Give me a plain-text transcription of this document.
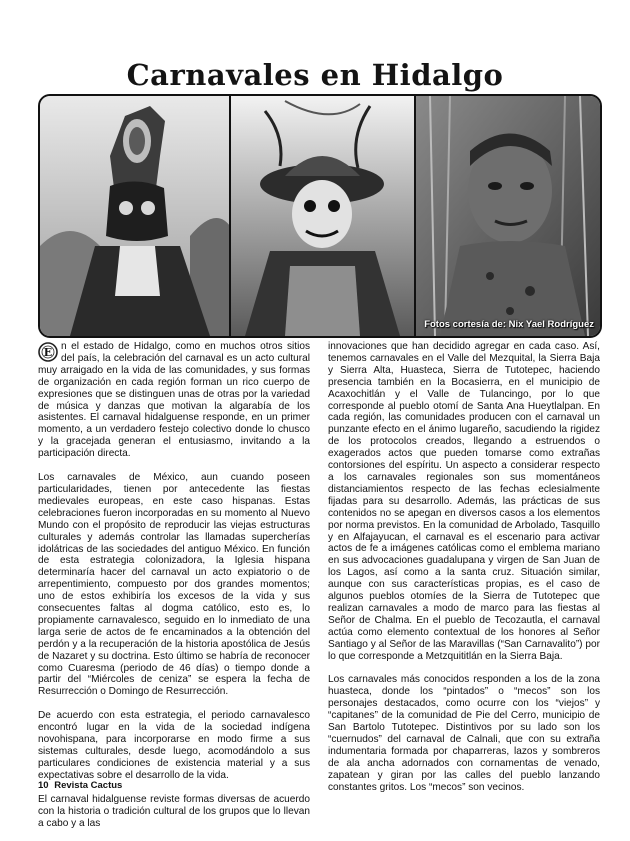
Carnavales en Hidalgo
Fotos cortesía de: Nix Yael Rodríguez

E n el estado de Hidalgo, como en muchos otros sitios del país, la celebración del carnaval es un acto cultural muy arraigado en la vida de las comunidades, y sus formas de organización en cada región forman un rico cuerpo de expresiones que se distinguen unas de otras por la variedad de música y danzas que motivan la algarabía de los asistentes. El carnaval hidalguense responde, en un primer momento, a un verdadero festejo colectivo donde lo chusco y la gracejada generan el entusiasmo, invitando a la participación directa.

Los carnavales de México, aun cuando poseen particularidades, tienen por antecedente las fiestas medievales europeas, en este caso hispanas. Estas celebraciones fueron incorporadas en su momento al Nuevo Mundo con el propósito de reproducir las viejas estructuras culturales y además controlar las llamadas supercherías idolátricas de las sociedades del antiguo México. En función de esta estrategia colonizadora, la Iglesia hispana determinaría hacer del carnaval un acto expiatorio o de arrepentimiento, compuesto por dos grandes momentos; uno de estos exhibiría los excesos de la vida y sus consecuentes faltas al dogma católico, esto es, lo propiamente carnavalesco, seguido en lo inmediato de una larga serie de actos de fe encaminados a la obtención del perdón y a la recuperación de la historia apostólica de Jesús de Nazaret y su doctrina. Esto último se habría de reconocer como Cuaresma (periodo de 46 días) o tiempo donde a partir del “Miércoles de ceniza” se espera la fecha de Resurrección o Domingo de Resurrección.

De acuerdo con esta estrategia, el periodo carnavalesco encontró lugar en la vida de la sociedad indígena novohispana, para incorporarse en modo firme a sus sistemas culturales, desde luego, acomodándolo a sus particulares condiciones de existencia material y a sus expectativas sobre el desarrollo de la vida.

El carnaval hidalguense reviste formas diversas de acuerdo con la historia o tradición cultural de los grupos que lo llevan a cabo y a las

innovaciones que han decidido agregar en cada caso. Así, tenemos carnavales en el Valle del Mezquital, la Sierra Baja y Sierra Alta, Huasteca, Sierra de Tutotepec, haciendo presencia también en la Bocasierra, en el municipio de Acaxochitlán y el Valle de Tulancingo, por lo que corresponde al pueblo otomí de Santa Ana Hueytlalpan. En cada región, las comunidades producen con el carnaval un punzante efecto en el ánimo lugareño, sacudiendo la rigidez de los protocolos creados, llegando a estruendos o exagerados actos que pueden tomarse como extrañas contorsiones del espíritu. Un aspecto a considerar respecto a los carnavales regionales son sus momentáneos distanciamientos respecto de las fechas eclesialmente fijadas para su desarrollo. Además, las prácticas de sus contenidos no se apegan en diversos casos a los elementos por norma previstos. En la comunidad de Arbolado, Tasquillo y en Alfajayucan, el carnaval es el escenario para activar actos de fe a imágenes católicas como el emblema mariano en sus advocaciones guadalupana y virgen de San Juan de los Lagos, así como a la santa cruz. Situación similar, aunque con sus características propias, es el caso de algunos pueblos otomíes de la Sierra de Tutotepec que realizan carnavales a modo de marco para las fiestas al Señor de Chalma. En el pueblo de Tecozautla, el carnaval actúa como elemento contextual de los honores al Señor Santiago y al Señor de las Maravillas (“San Carnavalito”) por lo que corresponde a Metzquititlán en la Sierra Baja.

Los carnavales más conocidos responden a los de la zona huasteca, donde los “pintados” o “mecos” son los personajes destacados, como ocurre con los “viejos” y “capitanes” de la comunidad de Pie del Cerro, municipio de San Bartolo Tutotepec. Distintivos por su lado son los “cuernudos” del carnaval de Calnali, que con su extraña indumentaria formada por chaparreras, lazos y sombreros de ala ancha adornados con cornamentas de venado, zapatean y giran por las calles del pueblo lanzando constantes gritos. Los “mecos” son vecinos.

10 Revista Cactus
